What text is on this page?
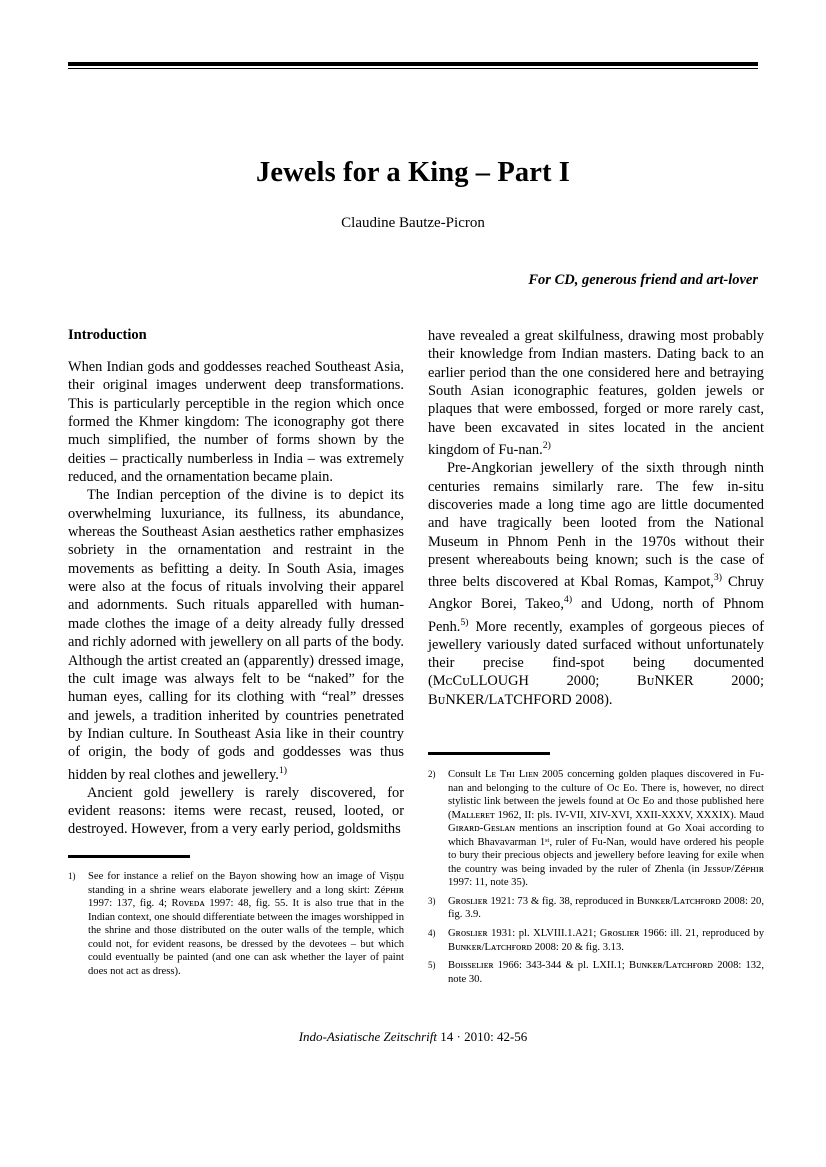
Jewels for a King – Part I
Claudine Bautze-Picron
For CD, generous friend and art-lover
Introduction

When Indian gods and goddesses reached Southeast Asia, their original images underwent deep transformations. This is particularly perceptible in the region which once formed the Khmer kingdom: The iconography got there much simplified, the number of forms shown by the deities – practically numberless in India – was extremely reduced, and the ornamentation became plain.

The Indian perception of the divine is to depict its overwhelming luxuriance, its fullness, its abundance, whereas the Southeast Asian aesthetics rather emphasizes sobriety in the ornamentation and restraint in the movements as befitting a deity. In South Asia, images were also at the focus of rituals involving their apparel and adornments. Such rituals apparelled with human-made clothes the image of a deity already fully dressed and richly adorned with jewellery on all parts of the body. Although the artist created an (apparently) dressed image, the cult image was always felt to be “naked” for the human eyes, calling for its clothing with “real” dresses and jewels, a tradition inherited by countries penetrated by Indian culture. In Southeast Asia like in their country of origin, the body of gods and goddesses was thus hidden by real clothes and jewellery.$^{1)}$

Ancient gold jewellery is rarely discovered, for evident reasons: items were recast, reused, looted, or destroyed. However, from a very early period, goldsmiths

have revealed a great skilfulness, drawing most probably their knowledge from Indian masters. Dating back to an earlier period than the one considered here and betraying South Asian iconographic features, golden jewels or plaques that were embossed, forged or more rarely cast, have been excavated in sites located in the ancient kingdom of Fu-nan.$^{2)}$

Pre-Angkorian jewellery of the sixth through ninth centuries remains similarly rare. The few in-situ discoveries made a long time ago are little documented and have tragically been looted from the National Museum in Phnom Penh in the 1970s without their present whereabouts being known; such is the case of three belts discovered at Kbal Romas, Kampot,$^{3)}$ Chruy Angkor Borei, Takeo,$^{4)}$ and Udong, north of Phnom Penh.$^{5)}$ More recently, examples of gorgeous pieces of jewellery variously dated surfaced without unfortunately their precise find-spot being documented (MᴄCᴜLLOUGH 2000; BᴜNKER 2000; BᴜNKER/LᴀTCHFORD 2008).

1)	See for instance a relief on the Bayon showing how an image of Viṣṇu standing in a shrine wears elaborate jewellery and a long skirt: Zéᴘʜɪʀ 1997: 137, fig. 4; Rᴏᴠᴇᴅᴀ 1997: 48, fig. 55. It is also true that in the Indian context, one should differentiate between the images worshipped in the shrine and those distributed on the outer walls of the temple, which could not, for evident reasons, be dressed by the devotees – but which could eventually be painted (and one can ask whether the layer of paint does not act as dress).
2)	Consult Lᴇ Tʜɪ Lɪᴇɴ 2005 concerning golden plaques discovered in Fu-nan and belonging to the culture of Oc Eo. There is, however, no direct stylistic link between the jewels found at Oc Eo and those published here (Mᴀʟʟᴇʀᴇᴛ 1962, II: pls. IV-VII, XIV-XVI, XXII-XXXV, XXXIX). Maud Gɪʀᴀʀᴅ-Gᴇsʟᴀɴ mentions an inscription found at Go Xoai according to which Bhavavarman 1ˢᵗ, ruler of Fu-Nan, would have ordered his people to bury their precious objects and jewellery before leaving for exile when the country was being invaded by the ruler of Zhenla (in Jᴇssᴜᴘ/Zéᴘʜɪʀ 1997: 11, note 35).
3)	Gʀᴏsʟɪᴇʀ 1921: 73 & fig. 38, reproduced in Bᴜɴᴋᴇʀ/Lᴀᴛᴄʜғᴏʀᴅ 2008: 20, fig. 3.9.
4)	Gʀᴏsʟɪᴇʀ 1931: pl. XLVIII.1.A21; Gʀᴏsʟɪᴇʀ 1966: ill. 21, reproduced by Bᴜɴᴋᴇʀ/Lᴀᴛᴄʜғᴏʀᴅ 2008: 20 & fig. 3.13.
5)	Bᴏɪssᴇʟɪᴇʀ 1966: 343-344 & pl. LXII.1; Bᴜɴᴋᴇʀ/Lᴀᴛᴄʜғᴏʀᴅ 2008: 132, note 30.
Indo-Asiatische Zeitschrift 14 · 2010: 42-56
